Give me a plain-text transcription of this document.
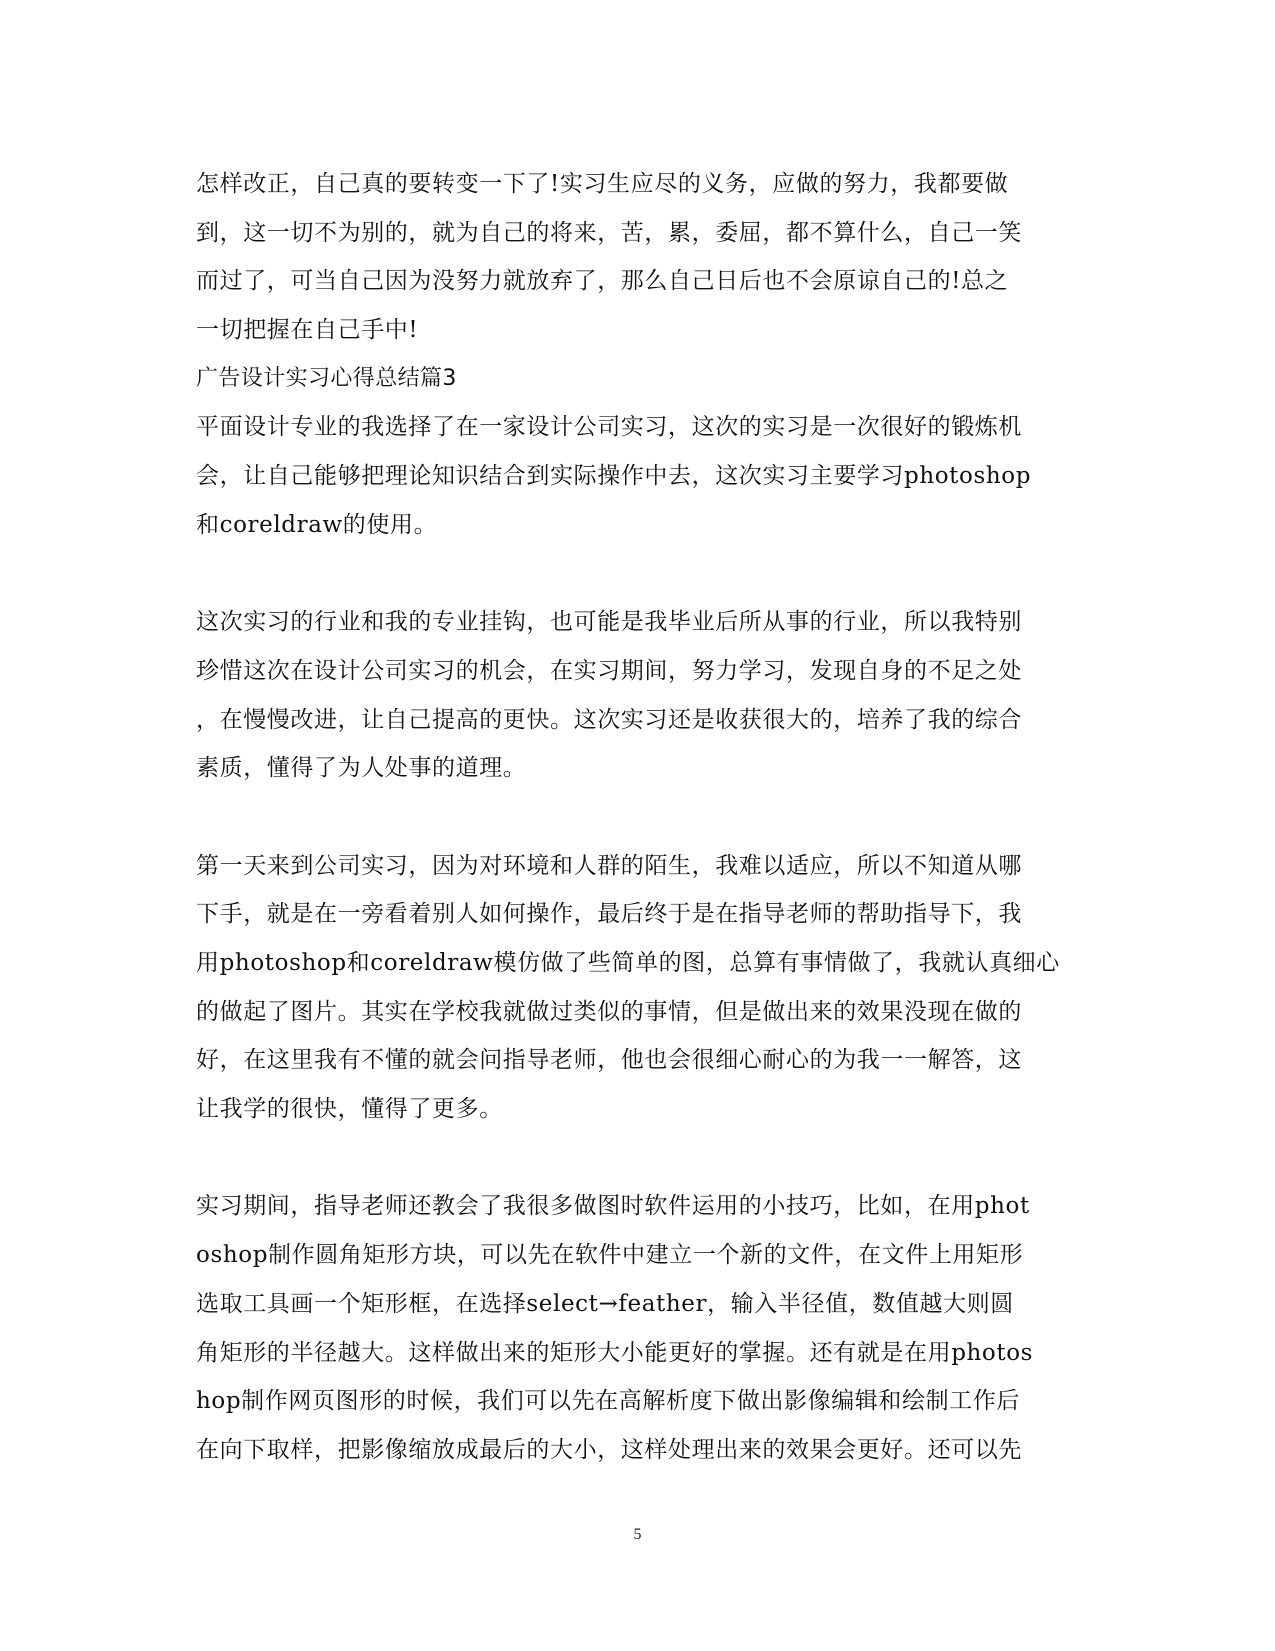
怎样改正，自己真的要转变一下了!实习生应尽的义务，应做的努力，我都要做
到，这一切不为别的，就为自己的将来，苦，累，委屈，都不算什么，自己一笑
而过了，可当自己因为没努力就放弃了，那么自己日后也不会原谅自己的!总之
一切把握在自己手中!
广告设计实习心得总结篇3
平面设计专业的我选择了在一家设计公司实习，这次的实习是一次很好的锻炼机
会，让自己能够把理论知识结合到实际操作中去，这次实习主要学习photoshop
和coreldraw的使用。
这次实习的行业和我的专业挂钩，也可能是我毕业后所从事的行业，所以我特别
珍惜这次在设计公司实习的机会，在实习期间，努力学习，发现自身的不足之处
，在慢慢改进，让自己提高的更快。这次实习还是收获很大的，培养了我的综合
素质，懂得了为人处事的道理。
第一天来到公司实习，因为对环境和人群的陌生，我难以适应，所以不知道从哪
下手，就是在一旁看着别人如何操作，最后终于是在指导老师的帮助指导下，我
用photoshop和coreldraw模仿做了些简单的图，总算有事情做了，我就认真细心
的做起了图片。其实在学校我就做过类似的事情，但是做出来的效果没现在做的
好，在这里我有不懂的就会问指导老师，他也会很细心耐心的为我一一解答，这
让我学的很快，懂得了更多。
实习期间，指导老师还教会了我很多做图时软件运用的小技巧，比如，在用phot
oshop制作圆角矩形方块，可以先在软件中建立一个新的文件，在文件上用矩形
选取工具画一个矩形框，在选择select→feather，输入半径值，数值越大则圆
角矩形的半径越大。这样做出来的矩形大小能更好的掌握。还有就是在用photos
hop制作网页图形的时候，我们可以先在高解析度下做出影像编辑和绘制工作后
在向下取样，把影像缩放成最后的大小，这样处理出来的效果会更好。还可以先
5
